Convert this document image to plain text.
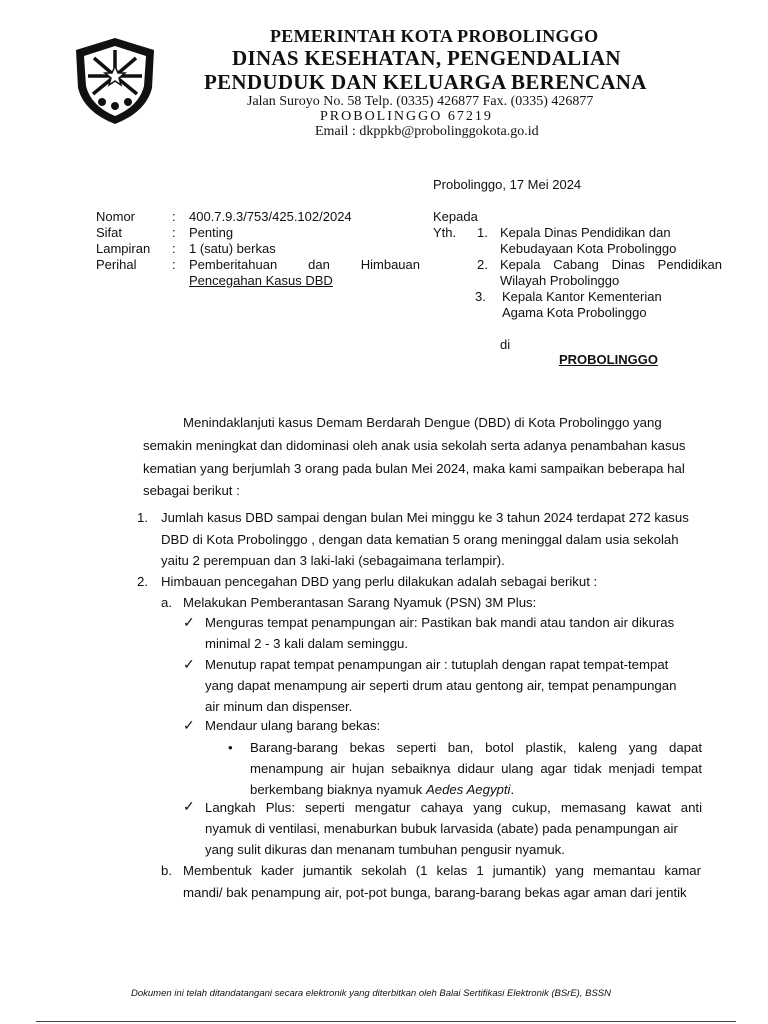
PEMERINTAH KOTA PROBOLINGGO
DINAS KESEHATAN, PENGENDALIAN
PENDUDUK DAN KELUARGA BERENCANA
Jalan Suroyo No. 58 Telp. (0335) 426877 Fax. (0335) 426877
PROBOLINGGO 67219
Email : dkppkb@probolinggokota.go.id
Probolinggo, 17 Mei 2024
Nomor	: 400.7.9.3/753/425.102/2024
Sifat	: Penting
Lampiran : 1 (satu) berkas
Perihal	: Pemberitahuan dan Himbauan
Pencegahan Kasus DBD
Kepada
Yth. 1. Kepala Dinas Pendidikan dan
Kebudayaan Kota Probolinggo
2. Kepala Cabang Dinas Pendidikan
Wilayah Probolinggo
3. Kepala Kantor Kementerian
Agama Kota Probolinggo
di
PROBOLINGGO
Menindaklanjuti kasus Demam Berdarah Dengue (DBD) di Kota Probolinggo yang
semakin meningkat dan didominasi oleh anak usia sekolah serta adanya penambahan kasus
kematian yang berjumlah 3 orang pada bulan Mei 2024, maka kami sampaikan beberapa hal
sebagai berikut :
1. Jumlah kasus DBD sampai dengan bulan Mei minggu ke 3 tahun 2024 terdapat 272 kasus
DBD di Kota Probolinggo , dengan data kematian 5 orang meninggal dalam usia sekolah
yaitu 2 perempuan dan 3 laki-laki (sebagaimana terlampir).
2. Himbauan pencegahan DBD yang perlu dilakukan adalah sebagai berikut :
a. Melakukan Pemberantasan Sarang Nyamuk (PSN) 3M Plus:
✓ Menguras tempat penampungan air: Pastikan bak mandi atau tandon air dikuras
minimal 2 - 3 kali dalam seminggu.
✓ Menutup rapat tempat penampungan air : tutuplah dengan rapat tempat-tempat
yang dapat menampung air seperti drum atau gentong air, tempat penampungan
air minum dan dispenser.
✓ Mendaur ulang barang bekas:
• Barang-barang bekas seperti ban, botol plastik, kaleng yang dapat
menampung air hujan sebaiknya didaur ulang agar tidak menjadi tempat
berkembang biaknya nyamuk Aedes Aegypti.
✓ Langkah Plus: seperti mengatur cahaya yang cukup, memasang kawat anti
nyamuk di ventilasi, menaburkan bubuk larvasida (abate) pada penampungan air
yang sulit dikuras dan menanam tumbuhan pengusir nyamuk.
b. Membentuk kader jumantik sekolah (1 kelas 1 jumantik) yang memantau kamar
mandi/ bak penampung air, pot-pot bunga, barang-barang bekas agar aman dari jentik
Dokumen ini telah ditandatangani secara elektronik yang diterbitkan oleh Balai Sertifikasi Elektronik (BSrE), BSSN
